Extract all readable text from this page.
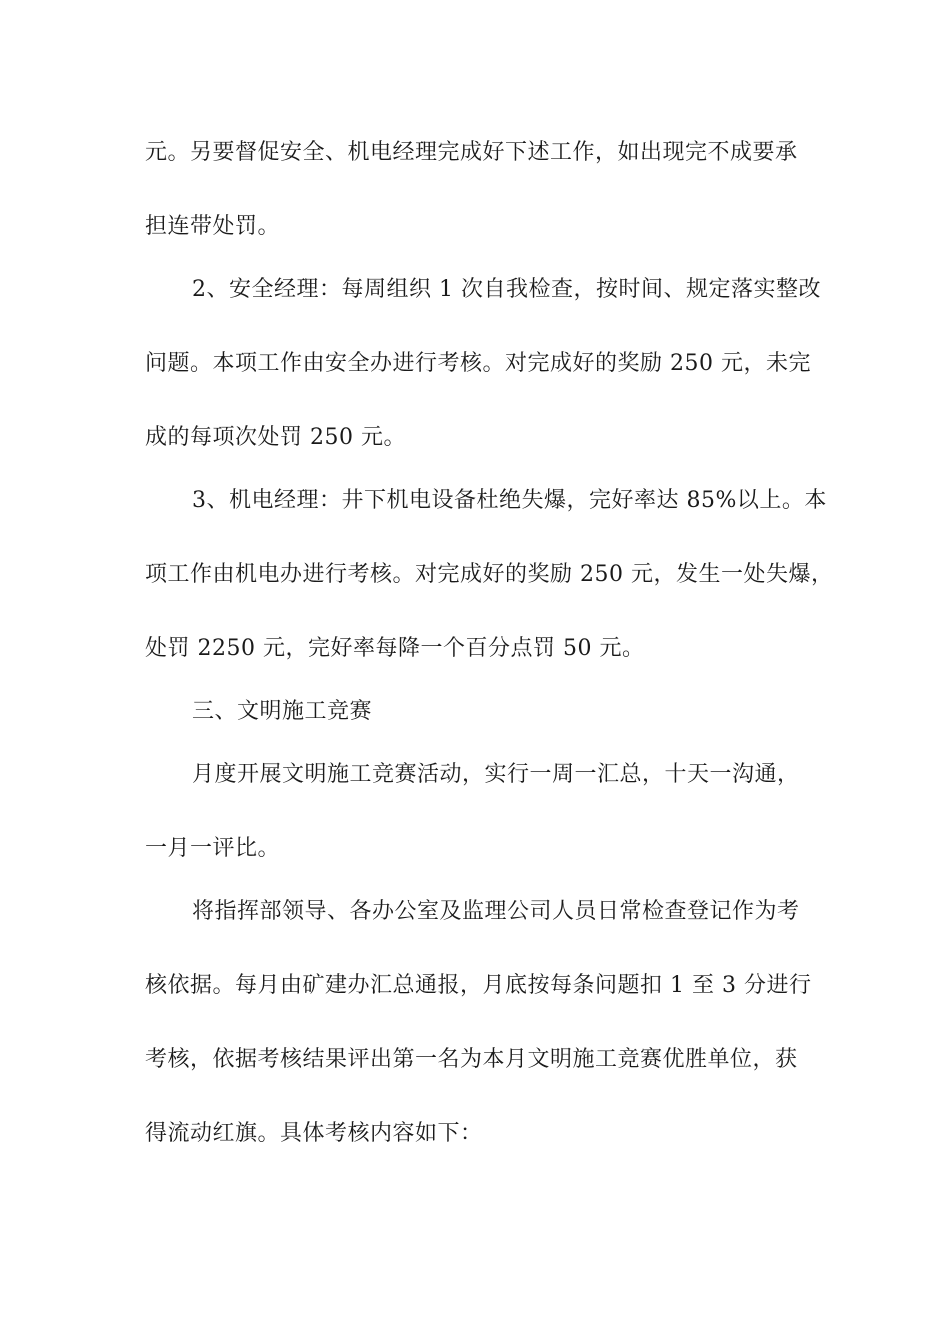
元。另要督促安全、机电经理完成好下述工作，如出现完不成要承
担连带处罚。
2、安全经理：每周组织 1 次自我检查，按时间、规定落实整改
问题。本项工作由安全办进行考核。对完成好的奖励 250 元，未完
成的每项次处罚 250 元。
3、机电经理：井下机电设备杜绝失爆，完好率达 85%以上。本
项工作由机电办进行考核。对完成好的奖励 250 元，发生一处失爆，
处罚 2250 元，完好率每降一个百分点罚 50 元。
三、文明施工竞赛
月度开展文明施工竞赛活动，实行一周一汇总，十天一沟通，
一月一评比。
将指挥部领导、各办公室及监理公司人员日常检查登记作为考
核依据。每月由矿建办汇总通报，月底按每条问题扣 1 至 3 分进行
考核，依据考核结果评出第一名为本月文明施工竞赛优胜单位，获
得流动红旗。具体考核内容如下：
